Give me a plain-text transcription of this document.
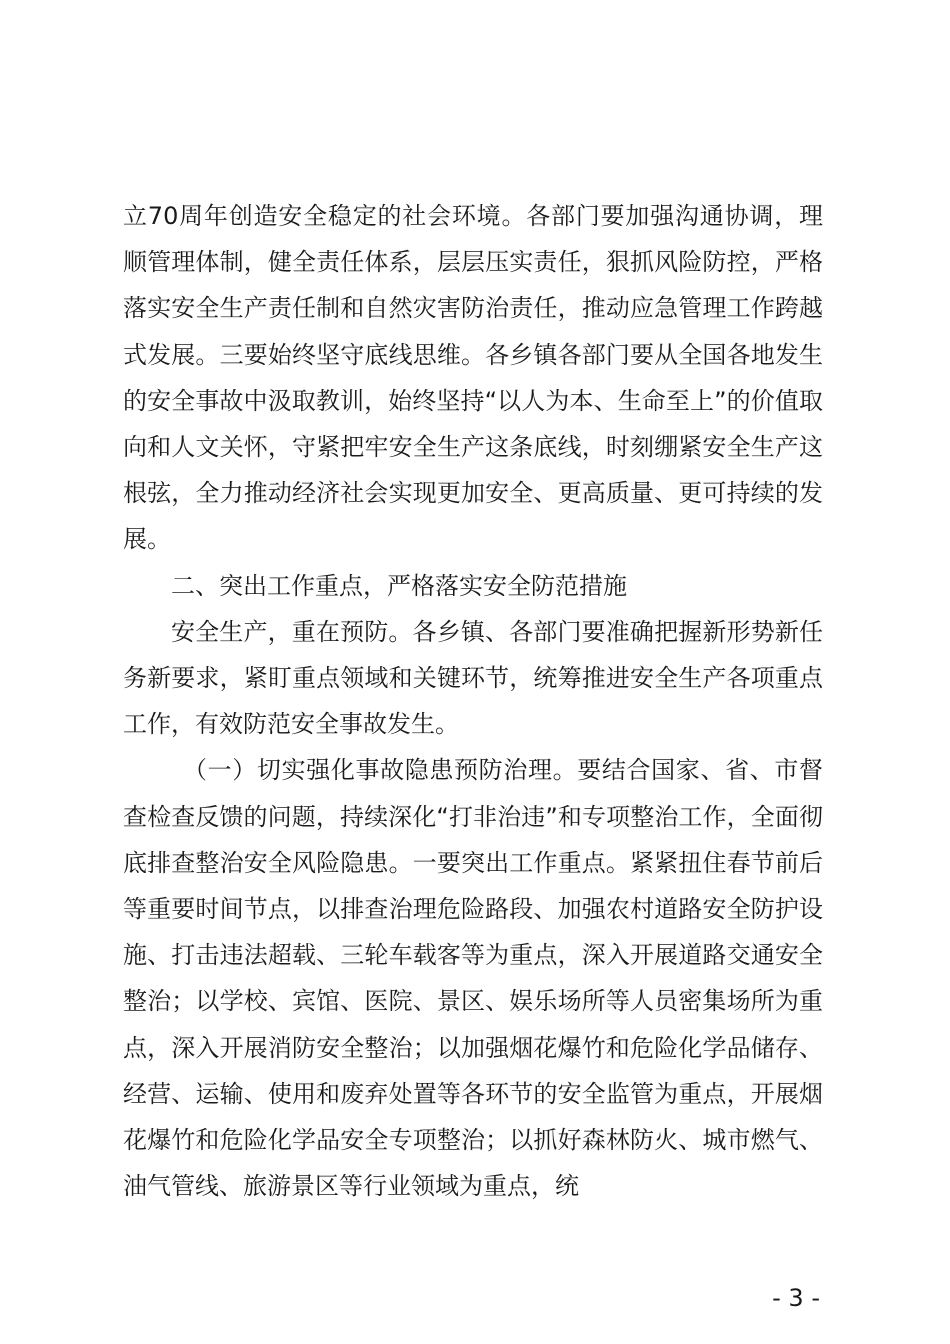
立70周年创造安全稳定的社会环境。各部门要加强沟通协调，理顺管理体制，健全责任体系，层层压实责任，狠抓风险防控，严格落实安全生产责任制和自然灾害防治责任，推动应急管理工作跨越式发展。三要始终坚守底线思维。各乡镇各部门要从全国各地发生的安全事故中汲取教训，始终坚持“以人为本、生命至上”的价值取向和人文关怀，守紧把牢安全生产这条底线，时刻绷紧安全生产这根弦，全力推动经济社会实现更加安全、更高质量、更可持续的发展。

二、突出工作重点，严格落实安全防范措施

安全生产，重在预防。各乡镇、各部门要准确把握新形势新任务新要求，紧盯重点领域和关键环节，统筹推进安全生产各项重点工作，有效防范安全事故发生。

（一）切实强化事故隐患预防治理。要结合国家、省、市督查检查反馈的问题，持续深化“打非治违”和专项整治工作，全面彻底排查整治安全风险隐患。一要突出工作重点。紧紧扭住春节前后等重要时间节点，以排查治理危险路段、加强农村道路安全防护设施、打击违法超载、三轮车载客等为重点，深入开展道路交通安全整治；以学校、宾馆、医院、景区、娱乐场所等人员密集场所为重点，深入开展消防安全整治；以加强烟花爆竹和危险化学品储存、经营、运输、使用和废弃处置等各环节的安全监管为重点，开展烟花爆竹和危险化学品安全专项整治；以抓好森林防火、城市燃气、油气管线、旅游景区等行业领域为重点，统

- 3 -
